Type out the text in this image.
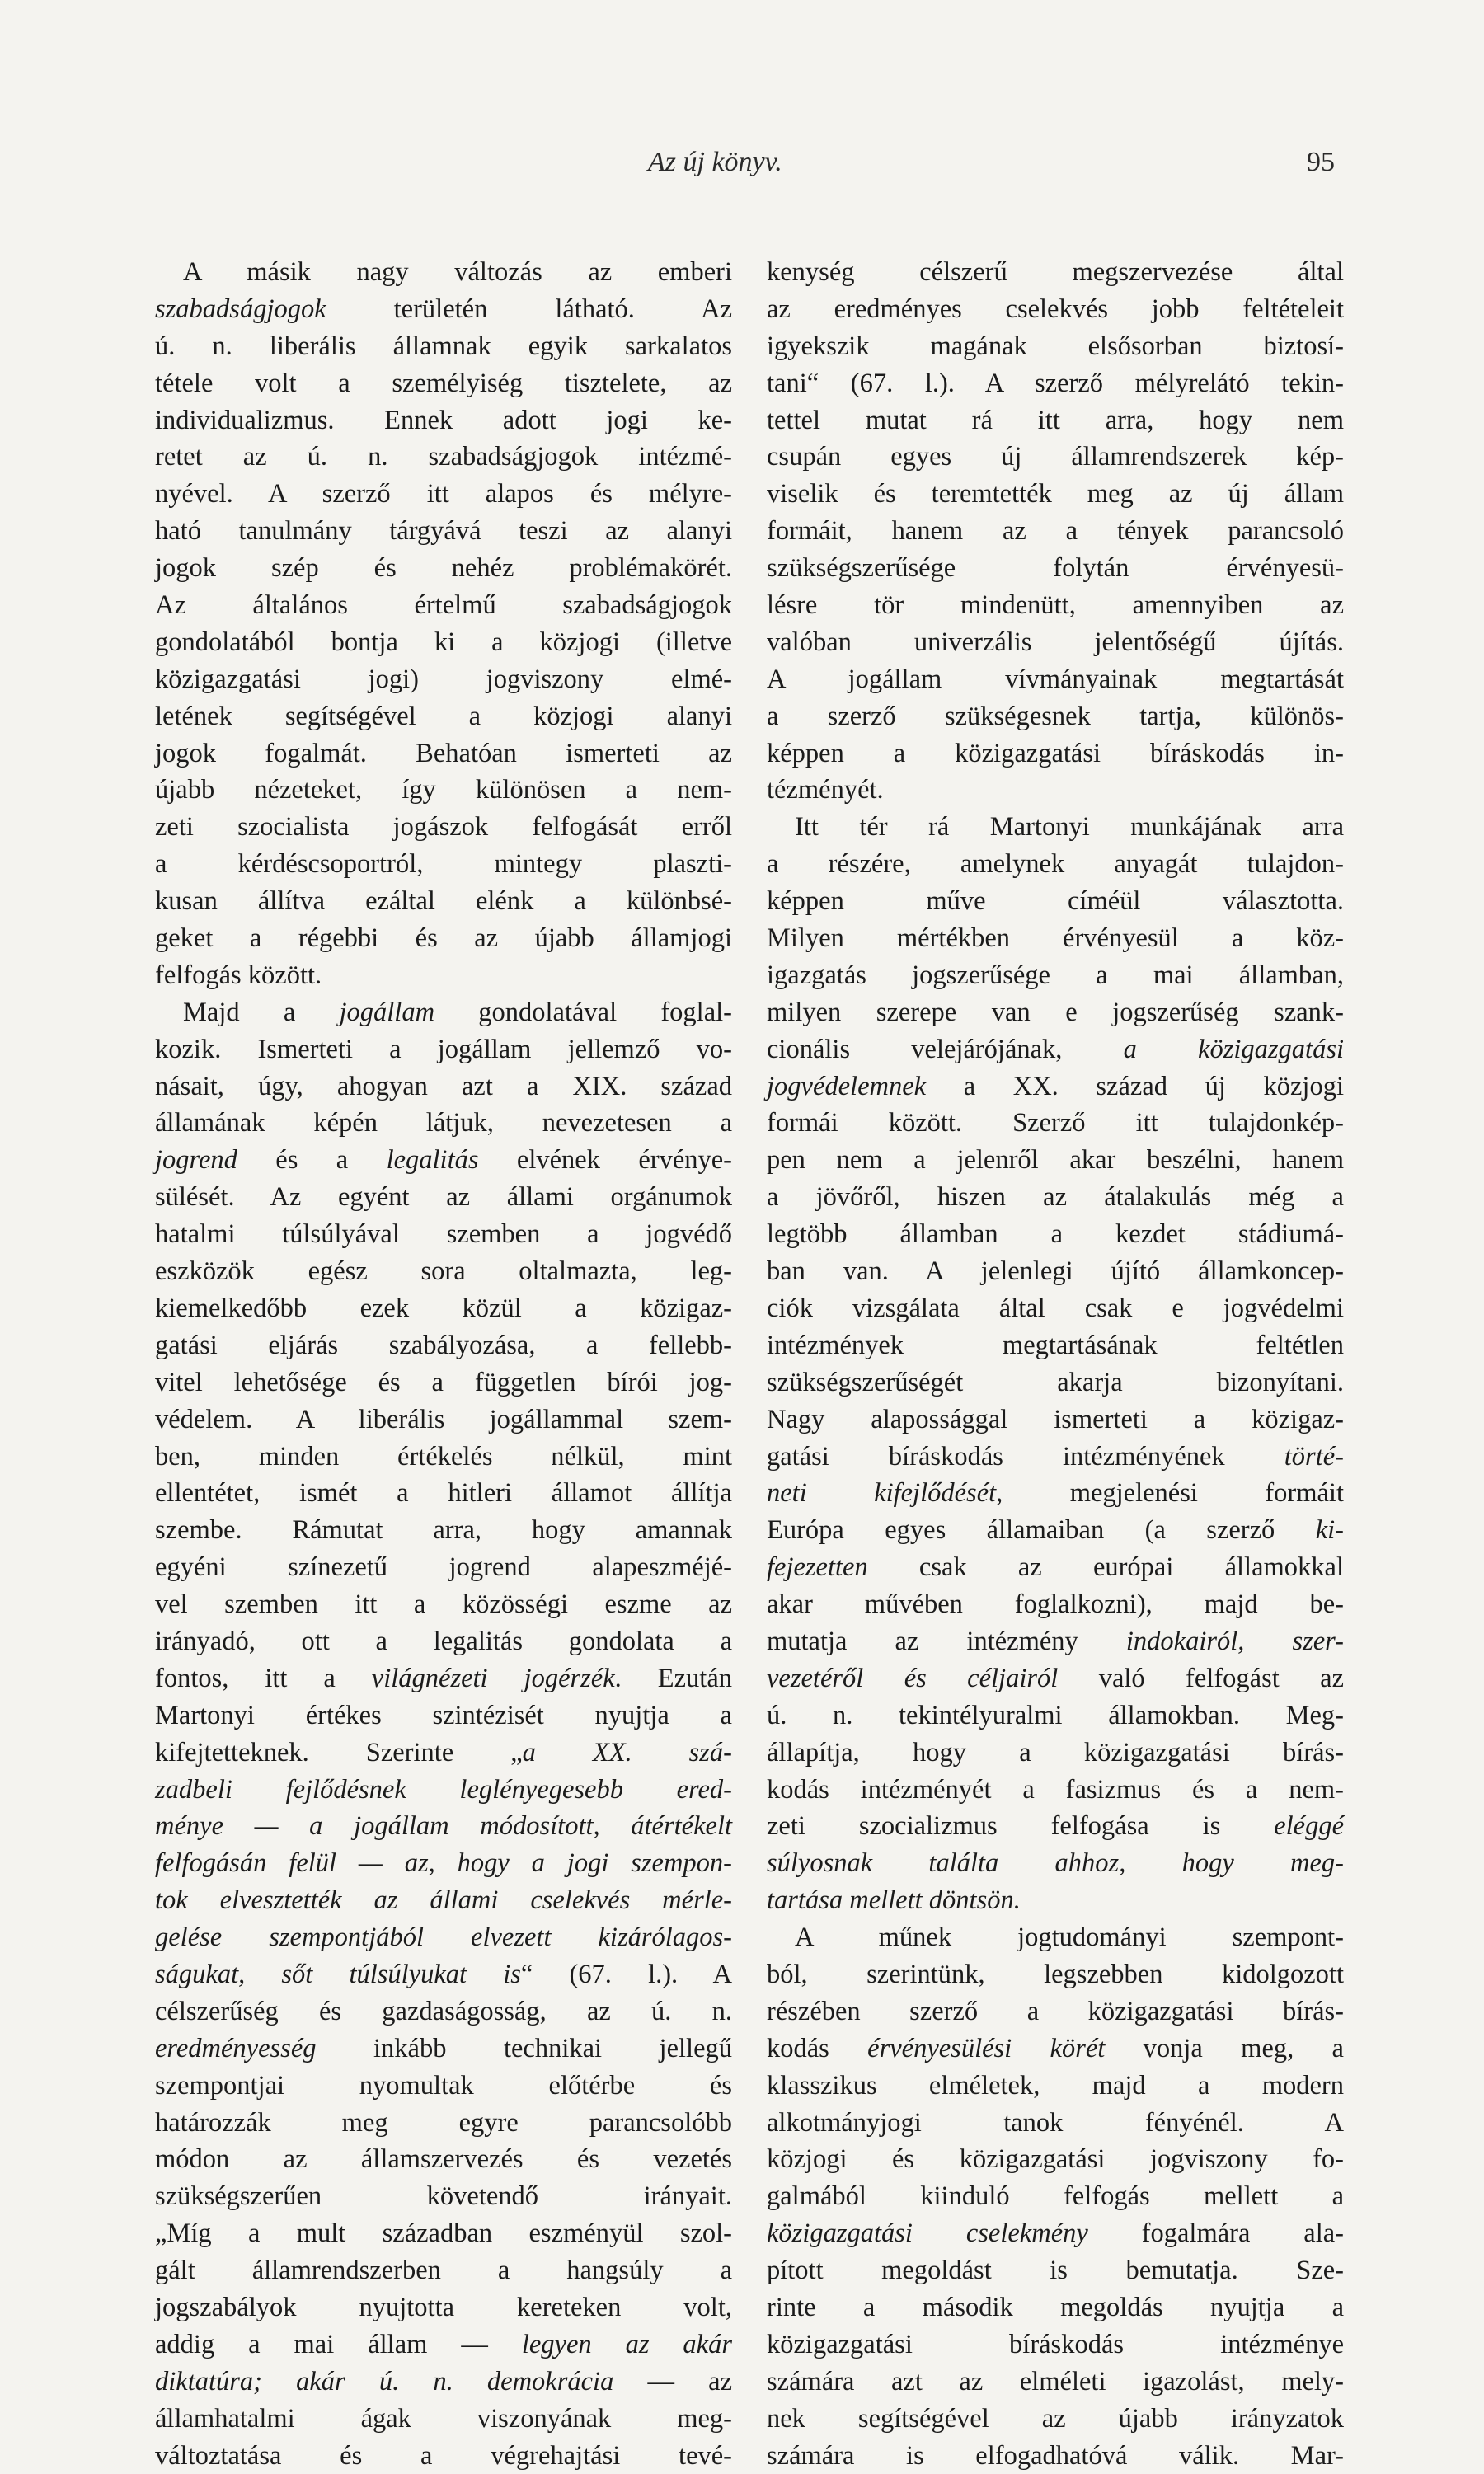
Az új könyv.	95
A másik nagy változás az emberi
szabadságjogok területén látható. Az
ú. n. liberális államnak egyik sarkalatos
tétele volt a személyiség tisztelete, az
individualizmus. Ennek adott jogi ke-
retet az ú. n. szabadságjogok intézmé-
nyével. A szerző itt alapos és mélyre-
ható tanulmány tárgyává teszi az alanyi
jogok szép és nehéz problémakörét.
Az általános értelmű szabadságjogok
gondolatából bontja ki a közjogi (illetve
közigazgatási jogi) jogviszony elmé-
letének segítségével a közjogi alanyi
jogok fogalmát. Behatóan ismerteti az
újabb nézeteket, így különösen a nem-
zeti szocialista jogászok felfogását erről
a kérdéscsoportról, mintegy plaszti-
kusan állítva ezáltal elénk a különbsé-
geket a régebbi és az újabb államjogi
felfogás között.
Majd a jogállam gondolatával foglal-
kozik. Ismerteti a jogállam jellemző vo-
násait, úgy, ahogyan azt a XIX. század
államának képén látjuk, nevezetesen a
jogrend és a legalitás elvének érvénye-
sülését. Az egyént az állami orgánumok
hatalmi túlsúlyával szemben a jogvédő
eszközök egész sora oltalmazta, leg-
kiemelkedőbb ezek közül a közigaz-
gatási eljárás szabályozása, a fellebb-
vitel lehetősége és a független bírói jog-
védelem. A liberális jogállammal szem-
ben, minden értékelés nélkül, mint
ellentétet, ismét a hitleri államot állítja
szembe. Rámutat arra, hogy amannak
egyéni színezetű jogrend alapeszméjé-
vel szemben itt a közösségi eszme az
irányadó, ott a legalitás gondolata a
fontos, itt a világnézeti jogérzék. Ezután
Martonyi értékes szintézisét nyujtja a
kifejtetteknek. Szerinte „a XX. szá-
zadbeli fejlődésnek leglényegesebb ered-
ménye — a jogállam módosított, átértékelt
felfogásán felül — az, hogy a jogi szempon-
tok elvesztették az állami cselekvés mérle-
gelése szempontjából elvezett kizárólagos-
ságukat, sőt túlsúlyukat is“ (67. l.). A
célszerűség és gazdaságosság, az ú. n.
eredményesség inkább technikai jellegű
szempontjai nyomultak előtérbe és
határozzák meg egyre parancsolóbb
módon az államszervezés és vezetés
szükségszerűen követendő irányait.
„Míg a mult században eszményül szol-
gált államrendszerben a hangsúly a
jogszabályok nyujtotta kereteken volt,
addig a mai állam — legyen az akár
diktatúra; akár ú. n. demokrácia — az
államhatalmi ágak viszonyának meg-
változtatása és a végrehajtási tevé-
kenység célszerű megszervezése által
az eredményes cselekvés jobb feltételeit
igyekszik magának elsősorban biztosí-
tani“ (67. l.). A szerző mélyrelátó tekin-
tettel mutat rá itt arra, hogy nem
csupán egyes új államrendszerek kép-
viselik és teremtették meg az új állam
formáit, hanem az a tények parancsoló
szükségszerűsége folytán érvényesü-
lésre tör mindenütt, amennyiben az
valóban univerzális jelentőségű újítás.
A jogállam vívmányainak megtartását
a szerző szükségesnek tartja, különös-
képpen a közigazgatási bíráskodás in-
tézményét.
Itt tér rá Martonyi munkájának arra
a részére, amelynek anyagát tulajdon-
képpen műve címéül választotta.
Milyen mértékben érvényesül a köz-
igazgatás jogszerűsége a mai államban,
milyen szerepe van e jogszerűség szank-
cionális velejárójának, a közigazgatási
jogvédelemnek a XX. század új közjogi
formái között. Szerző itt tulajdonkép-
pen nem a jelenről akar beszélni, hanem
a jövőről, hiszen az átalakulás még a
legtöbb államban a kezdet stádiumá-
ban van. A jelenlegi újító államkoncep-
ciók vizsgálata által csak e jogvédelmi
intézmények megtartásának feltétlen
szükségszerűségét akarja bizonyítani.
Nagy alapossággal ismerteti a közigaz-
gatási bíráskodás intézményének törté-
neti kifejlődését, megjelenési formáit
Európa egyes államaiban (a szerző ki-
fejezetten csak az európai államokkal
akar művében foglalkozni), majd be-
mutatja az intézmény indokairól, szer-
vezetéről és céljairól való felfogást az
ú. n. tekintélyuralmi államokban. Meg-
állapítja, hogy a közigazgatási bírás-
kodás intézményét a fasizmus és a nem-
zeti szocializmus felfogása is eléggé
súlyosnak találta ahhoz, hogy meg-
tartása mellett döntsön.
A műnek jogtudományi szempont-
ból, szerintünk, legszebben kidolgozott
részében szerző a közigazgatási bírás-
kodás érvényesülési körét vonja meg, a
klasszikus elméletek, majd a modern
alkotmányjogi tanok fényénél. A
közjogi és közigazgatási jogviszony fo-
galmából kiinduló felfogás mellett a
közigazgatási cselekmény fogalmára ala-
pított megoldást is bemutatja. Sze-
rinte a második megoldás nyujtja a
közigazgatási bíráskodás intézménye
számára azt az elméleti igazolást, mely-
nek segítségével az újabb irányzatok
számára is elfogadhatóvá válik. Mar-
